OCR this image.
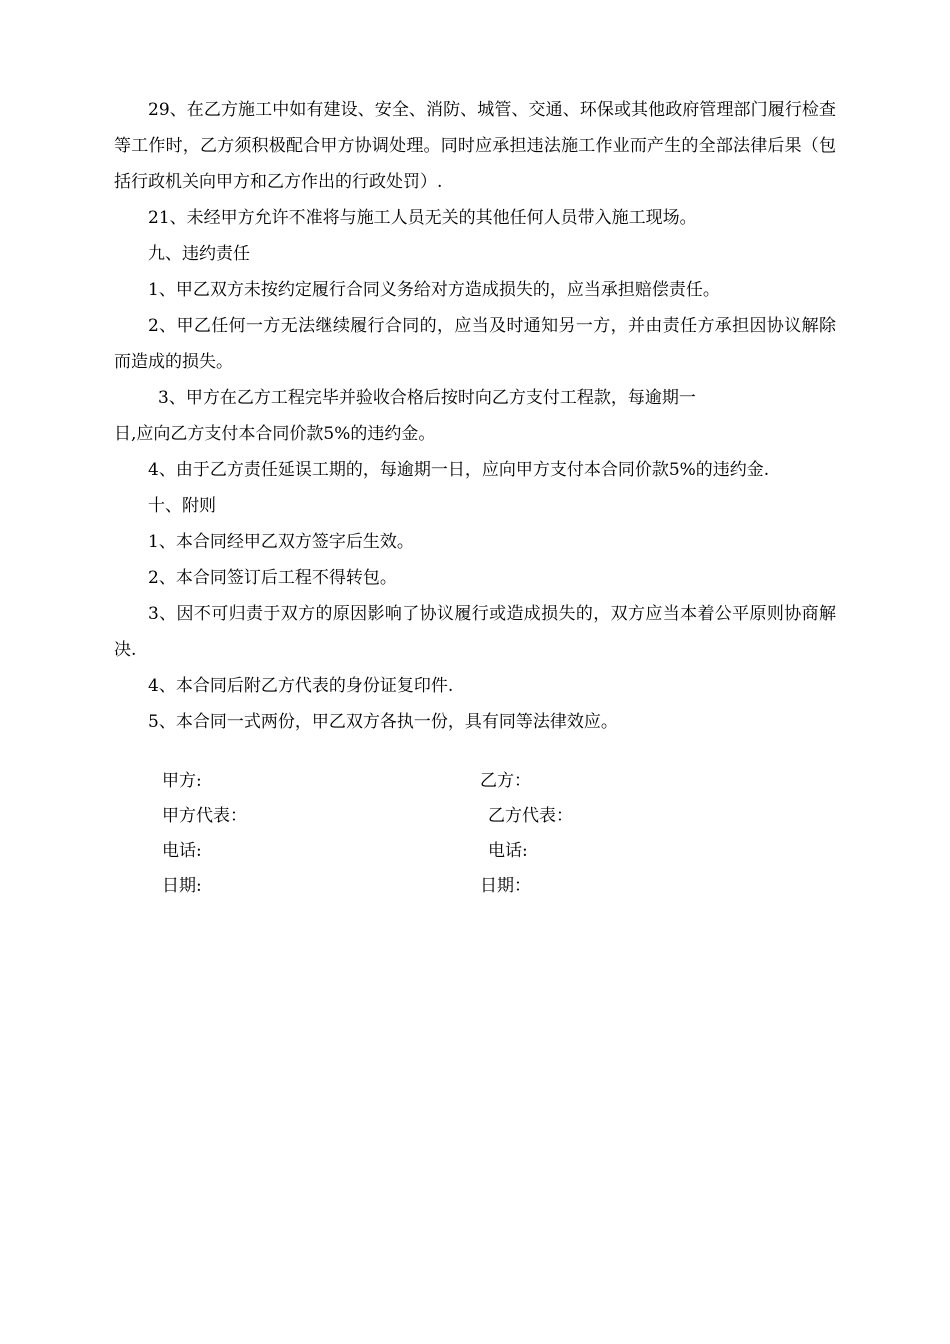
29、在乙方施工中如有建设、安全、消防、城管、交通、环保或其他政府管理部门履行检查等工作时，乙方须积极配合甲方协调处理。同时应承担违法施工作业而产生的全部法律后果（包括行政机关向甲方和乙方作出的行政处罚）.

21、未经甲方允许不准将与施工人员无关的其他任何人员带入施工现场。

九、违约责任

1、甲乙双方未按约定履行合同义务给对方造成损失的，应当承担赔偿责任。

2、甲乙任何一方无法继续履行合同的，应当及时通知另一方，并由责任方承担因协议解除而造成的损失。

3、甲方在乙方工程完毕并验收合格后按时向乙方支付工程款，每逾期一

日,应向乙方支付本合同价款5%的违约金。

4、由于乙方责任延误工期的，每逾期一日，应向甲方支付本合同价款5%的违约金.

十、附则

1、本合同经甲乙双方签字后生效。

2、本合同签订后工程不得转包。

3、因不可归责于双方的原因影响了协议履行或造成损失的，双方应当本着公平原则协商解决.

4、本合同后附乙方代表的身份证复印件.

5、本合同一式两份，甲乙双方各执一份，具有同等法律效应。

甲方:	乙方：
甲方代表：	乙方代表：
电话:	电话:
日期:	日期：
